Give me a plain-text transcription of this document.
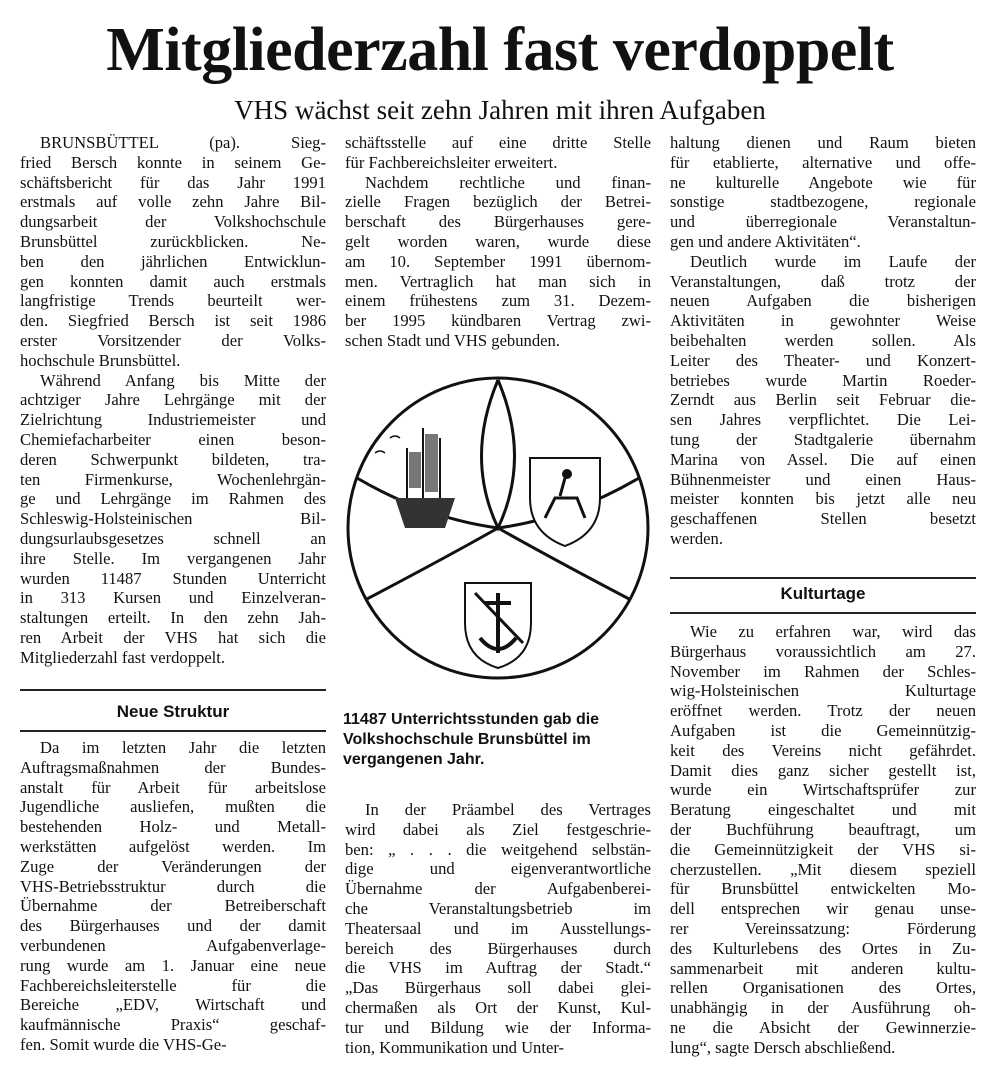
Mitgliederzahl fast verdoppelt
VHS wächst seit zehn Jahren mit ihren Aufgaben
BRUNSBÜTTEL (pa). Sieg-
fried Bersch konnte in seinem Ge-
schäftsbericht für das Jahr 1991
erstmals auf volle zehn Jahre Bil-
dungsarbeit der Volkshochschule
Brunsbüttel zurückblicken. Ne-
ben den jährlichen Entwicklun-
gen konnten damit auch erstmals
langfristige Trends beurteilt wer-
den. Siegfried Bersch ist seit 1986
erster Vorsitzender der Volks-
hochschule Brunsbüttel.
Während Anfang bis Mitte der
achtziger Jahre Lehrgänge mit der
Zielrichtung Industriemeister und
Chemiefacharbeiter einen beson-
deren Schwerpunkt bildeten, tra-
ten Firmenkurse, Wochenlehrgän-
ge und Lehrgänge im Rahmen des
Schleswig-Holsteinischen Bil-
dungsurlaubsgesetzes schnell an
ihre Stelle. Im vergangenen Jahr
wurden 11487 Stunden Unterricht
in 313 Kursen und Einzelveran-
staltungen erteilt. In den zehn Jah-
ren Arbeit der VHS hat sich die
Mitgliederzahl fast verdoppelt.
Neue Struktur
Da im letzten Jahr die letzten
Auftragsmaßnahmen der Bundes-
anstalt für Arbeit für arbeitslose
Jugendliche ausliefen, mußten die
bestehenden Holz- und Metall-
werkstätten aufgelöst werden. Im
Zuge der Veränderungen der
VHS-Betriebsstruktur durch die
Übernahme der Betreiberschaft
des Bürgerhauses und der damit
verbundenen Aufgabenverlage-
rung wurde am 1. Januar eine neue
Fachbereichsleiterstelle für die
Bereiche „EDV, Wirtschaft und
kaufmännische Praxis“ geschaf-
fen. Somit wurde die VHS-Ge-
schäftsstelle auf eine dritte Stelle
für Fachbereichsleiter erweitert.
Nachdem rechtliche und finan-
zielle Fragen bezüglich der Betrei-
berschaft des Bürgerhauses gere-
gelt worden waren, wurde diese
am 10. September 1991 übernom-
men. Vertraglich hat man sich in
einem frühestens zum 31. Dezem-
ber 1995 kündbaren Vertrag zwi-
schen Stadt und VHS gebunden.
11487 Unterrichtsstunden gab die Volkshochschule Brunsbüttel im vergangenen Jahr.
In der Präambel des Vertrages
wird dabei als Ziel festgeschrie-
ben: „ . . . die weitgehend selbstän-
dige und eigenverantwortliche
Übernahme der Aufgabenberei-
che Veranstaltungsbetrieb im
Theatersaal und im Ausstellungs-
bereich des Bürgerhauses durch
die VHS im Auftrag der Stadt.“
„Das Bürgerhaus soll dabei glei-
chermaßen als Ort der Kunst, Kul-
tur und Bildung wie der Informa-
tion, Kommunikation und Unter-
haltung dienen und Raum bieten
für etablierte, alternative und offe-
ne kulturelle Angebote wie für
sonstige stadtbezogene, regionale
und überregionale Veranstaltun-
gen und andere Aktivitäten“.
Deutlich wurde im Laufe der
Veranstaltungen, daß trotz der
neuen Aufgaben die bisherigen
Aktivitäten in gewohnter Weise
beibehalten werden sollen. Als
Leiter des Theater- und Konzert-
betriebes wurde Martin Roeder-
Zerndt aus Berlin seit Februar die-
sen Jahres verpflichtet. Die Lei-
tung der Stadtgalerie übernahm
Marina von Assel. Die auf einen
Bühnenmeister und einen Haus-
meister konnten bis jetzt alle neu
geschaffenen Stellen besetzt
werden.
Kulturtage
Wie zu erfahren war, wird das
Bürgerhaus voraussichtlich am 27.
November im Rahmen der Schles-
wig-Holsteinischen Kulturtage
eröffnet werden. Trotz der neuen
Aufgaben ist die Gemeinnützig-
keit des Vereins nicht gefährdet.
Damit dies ganz sicher gestellt ist,
wurde ein Wirtschaftsprüfer zur
Beratung eingeschaltet und mit
der Buchführung beauftragt, um
die Gemeinnützigkeit der VHS si-
cherzustellen. „Mit diesem speziell
für Brunsbüttel entwickelten Mo-
dell entsprechen wir genau unse-
rer Vereinssatzung: Förderung
des Kulturlebens des Ortes in Zu-
sammenarbeit mit anderen kultu-
rellen Organisationen des Ortes,
unabhängig in der Ausführung oh-
ne die Absicht der Gewinnerzie-
lung“, sagte Dersch abschließend.
